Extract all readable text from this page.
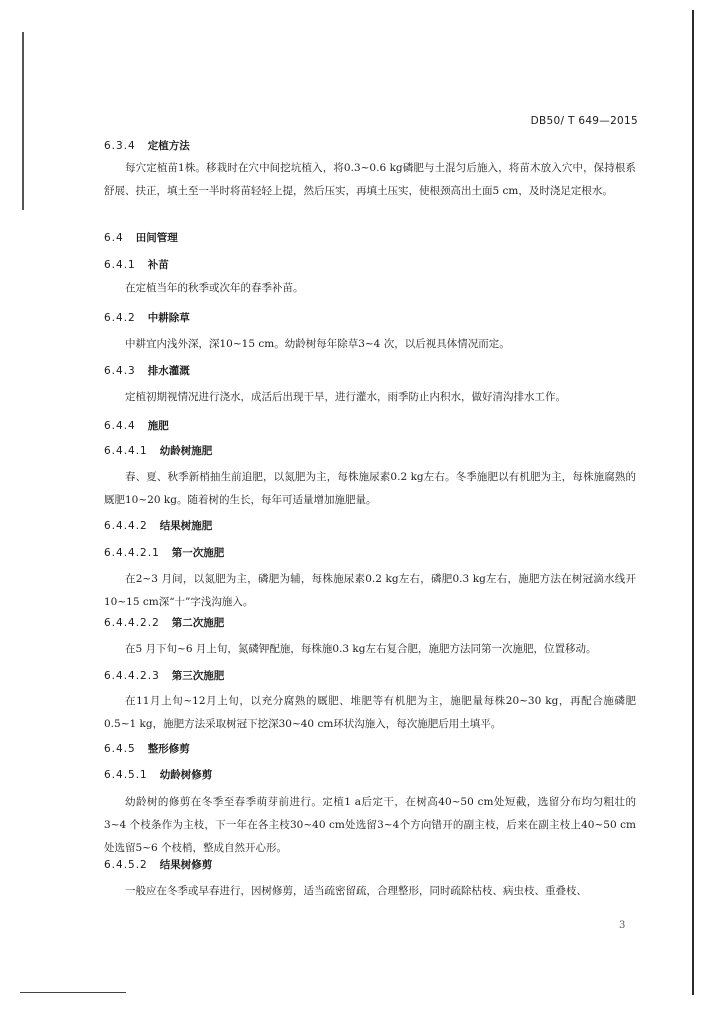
DB50/ T 649—2015
6.3.4 定植方法
每穴定植苗1株。移栽时在穴中间挖坑植入，将0.3~0.6 kg磷肥与土混匀后施入，将苗木放入穴中，保持根系舒展、扶正，填土至一半时将苗轻轻上提，然后压实，再填土压实，使根颈高出土面5 cm，及时浇足定根水。
6.4 田间管理
6.4.1 补苗
在定植当年的秋季或次年的春季补苗。
6.4.2 中耕除草
中耕宜内浅外深，深10~15 cm。幼龄树每年除草3~4 次，以后视具体情况而定。
6.4.3 排水灌溉
定植初期视情况进行浇水，成活后出现干旱，进行灌水，雨季防止内积水，做好清沟排水工作。
6.4.4 施肥
6.4.4.1 幼龄树施肥
春、夏、秋季新梢抽生前追肥，以氮肥为主，每株施尿素0.2 kg左右。冬季施肥以有机肥为主，每株施腐熟的厩肥10~20 kg。随着树的生长，每年可适量增加施肥量。
6.4.4.2 结果树施肥
6.4.4.2.1 第一次施肥
在2~3 月间，以氮肥为主，磷肥为辅，每株施尿素0.2 kg左右，磷肥0.3 kg左右，施肥方法在树冠滴水线开10~15 cm深“十”字浅沟施入。
6.4.4.2.2 第二次施肥
在5 月下旬~6 月上旬，氮磷钾配施，每株施0.3 kg左右复合肥，施肥方法同第一次施肥，位置移动。
6.4.4.2.3 第三次施肥
在11月上旬~12月上旬，以充分腐熟的厩肥、堆肥等有机肥为主，施肥量每株20~30 kg，再配合施磷肥0.5~1 kg，施肥方法采取树冠下挖深30~40 cm环状沟施入，每次施肥后用土填平。
6.4.5 整形修剪
6.4.5.1 幼龄树修剪
幼龄树的修剪在冬季至春季萌芽前进行。定植1 a后定干，在树高40~50 cm处短截，选留分布均匀粗壮的3~4 个枝条作为主枝，下一年在各主枝30~40 cm处选留3~4个方向错开的副主枝，后来在副主枝上40~50 cm处选留5~6 个枝梢，整成自然开心形。
6.4.5.2 结果树修剪
一般应在冬季或早春进行，因树修剪，适当疏密留疏，合理整形，同时疏除枯枝、病虫枝、重叠枝、
3
